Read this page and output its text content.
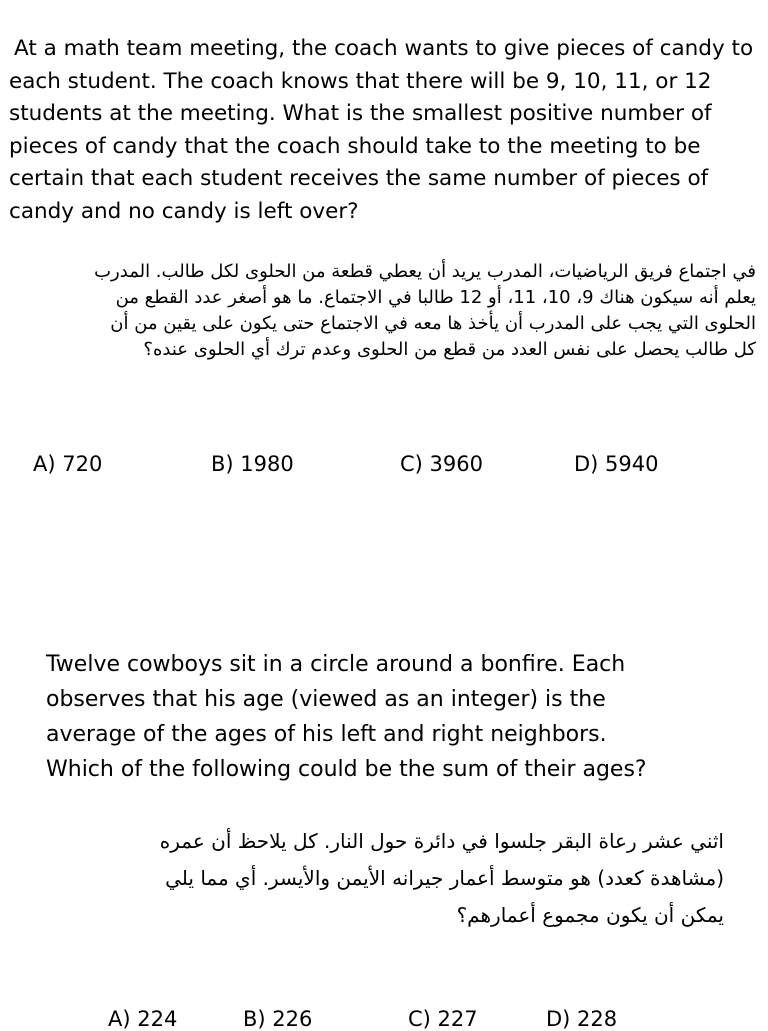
At a math team meeting, the coach wants to give pieces of candy to
each student. The coach knows that there will be 9, 10, 11, or 12
students at the meeting. What is the smallest positive number of
pieces of candy that the coach should take to the meeting to be
certain that each student receives the same number of pieces of
candy and no candy is left over?
في اجتماع فريق الرياضيات، المدرب يريد أن يعطي قطعة من الحلوى لكل طالب. المدرب
يعلم أنه سيكون هناك 9، 10، 11، أو 12 طالبا في الاجتماع. ما هو أصغر عدد القطع من
الحلوى التي يجب على المدرب أن يأخذ ها معه في الاجتماع حتى يكون على يقين من أن
كل طالب يحصل على نفس العدد من قطع من الحلوى وعدم ترك أي الحلوى عنده؟
A) 720	B) 1980	C) 3960	D) 5940
Twelve cowboys sit in a circle around a bonfire. Each
observes that his age (viewed as an integer) is the
average of the ages of his left and right neighbors.
Which of the following could be the sum of their ages?
اثني عشر رعاة البقر جلسوا في دائرة حول النار. كل يلاحظ أن عمره
(مشاهدة كعدد) هو متوسط أعمار جيرانه الأيمن والأيسر. أي مما يلي
يمكن أن يكون مجموع أعمارهم؟
A) 224	B) 226	C) 227	D) 228
